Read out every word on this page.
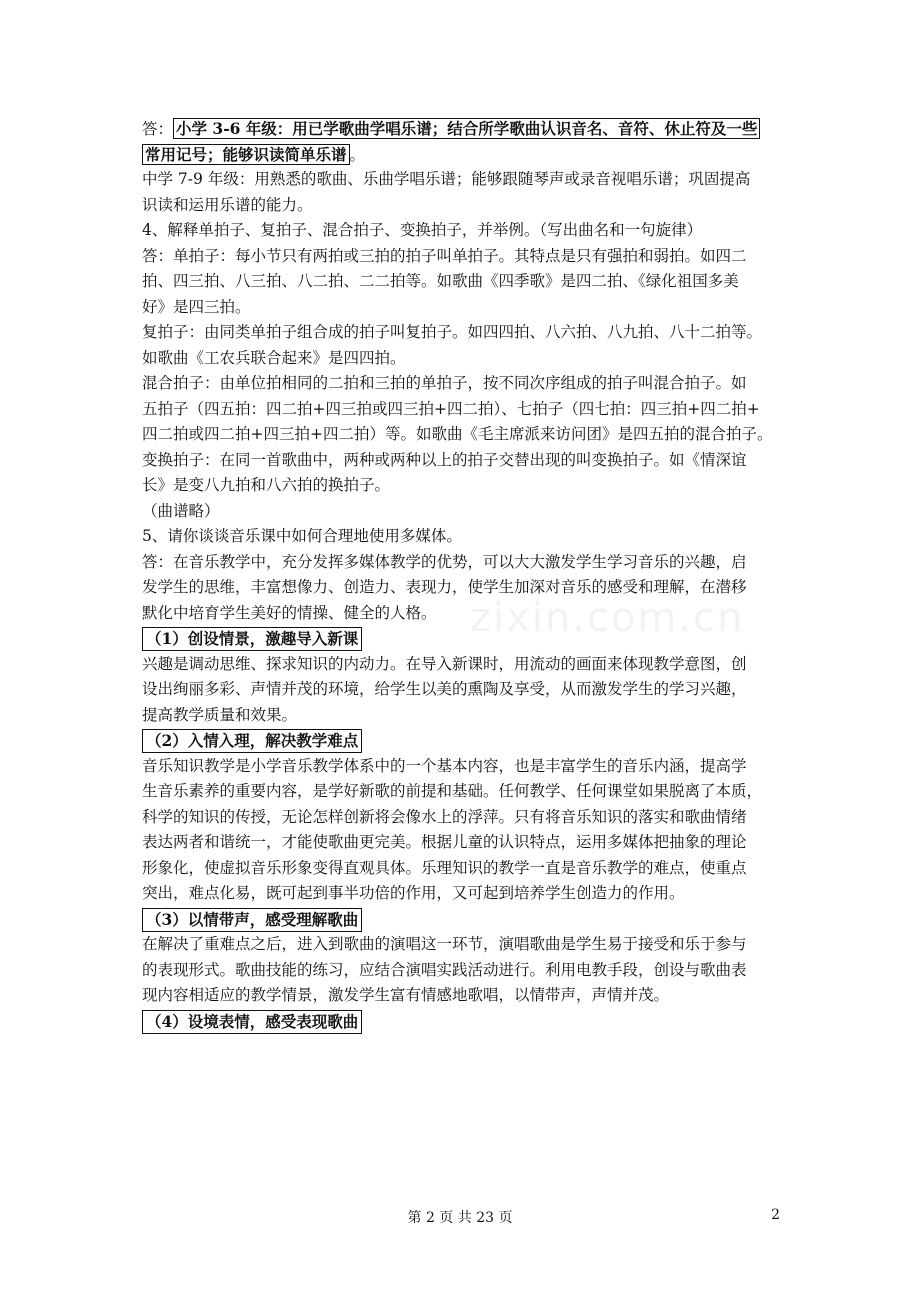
zixin.com.cn
答： 小学 3-6 年级：用已学歌曲学唱乐谱；结合所学歌曲认识音名、音符、休止符及一些
常用记号；能够识读简单乐谱 。
中学 7-9 年级：用熟悉的歌曲、乐曲学唱乐谱；能够跟随琴声或录音视唱乐谱；巩固提高
识读和运用乐谱的能力。
4、解释单拍子、复拍子、混合拍子、变换拍子，并举例。（写出曲名和一句旋律）
答：单拍子：每小节只有两拍或三拍的拍子叫单拍子。其特点是只有强拍和弱拍。如四二
拍、四三拍、八三拍、八二拍、二二拍等。如歌曲《四季歌》是四二拍、《绿化祖国多美
好》是四三拍。
复拍子：由同类单拍子组合成的拍子叫复拍子。如四四拍、八六拍、八九拍、八十二拍等。
如歌曲《工农兵联合起来》是四四拍。
混合拍子：由单位拍相同的二拍和三拍的单拍子，按不同次序组成的拍子叫混合拍子。如
五拍子（四五拍：四二拍+四三拍或四三拍+四二拍）、七拍子（四七拍：四三拍+四二拍+
四二拍或四二拍+四三拍+四二拍）等。如歌曲《毛主席派来访问团》是四五拍的混合拍子。
变换拍子：在同一首歌曲中，两种或两种以上的拍子交替出现的叫变换拍子。如《情深谊
长》是变八九拍和八六拍的换拍子。
（曲谱略）
5、请你谈谈音乐课中如何合理地使用多媒体。
答：在音乐教学中，充分发挥多媒体教学的优势，可以大大激发学生学习音乐的兴趣，启
发学生的思维，丰富想像力、创造力、表现力，使学生加深对音乐的感受和理解，在潜移
默化中培育学生美好的情操、健全的人格。
（1）创设情景，激趣导入新课
兴趣是调动思维、探求知识的内动力。在导入新课时，用流动的画面来体现教学意图，创
设出绚丽多彩、声情并茂的环境，给学生以美的熏陶及享受，从而激发学生的学习兴趣，
提高教学质量和效果。
（2）入情入理，解决教学难点
音乐知识教学是小学音乐教学体系中的一个基本内容，也是丰富学生的音乐内涵，提高学
生音乐素养的重要内容，是学好新歌的前提和基础。任何教学、任何课堂如果脱离了本质，
科学的知识的传授，无论怎样创新将会像水上的浮萍。只有将音乐知识的落实和歌曲情绪
表达两者和谐统一，才能使歌曲更完美。根据儿童的认识特点，运用多媒体把抽象的理论
形象化，使虚拟音乐形象变得直观具体。乐理知识的教学一直是音乐教学的难点，使重点
突出，难点化易，既可起到事半功倍的作用，又可起到培养学生创造力的作用。
（3）以情带声，感受理解歌曲
在解决了重难点之后，进入到歌曲的演唱这一环节，演唱歌曲是学生易于接受和乐于参与
的表现形式。歌曲技能的练习，应结合演唱实践活动进行。利用电教手段，创设与歌曲表
现内容相适应的教学情景，激发学生富有情感地歌唱，以情带声，声情并茂。
（4）设境表情，感受表现歌曲
第 2 页 共 23 页	2
